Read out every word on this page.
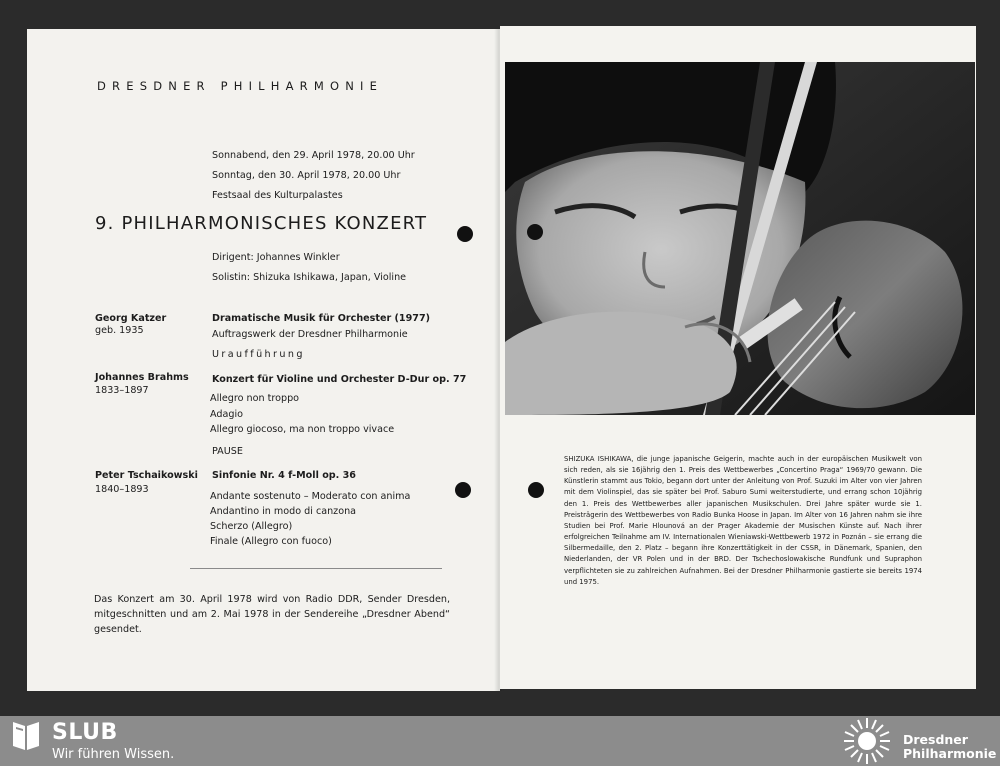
DRESDNER PHILHARMONIE
Sonnabend, den 29. April 1978, 20.00 Uhr
Sonntag, den 30. April 1978, 20.00 Uhr
Festsaal des Kulturpalastes
9. PHILHARMONISCHES KONZERT
Dirigent: Johannes Winkler
Solistin: Shizuka Ishikawa, Japan, Violine
Georg Katzer
geb. 1935
Dramatische Musik für Orchester (1977)
Auftragswerk der Dresdner Philharmonie
Uraufführung
Johannes Brahms
1833–1897
Konzert für Violine und Orchester D-Dur op. 77
Allegro non troppo
Adagio
Allegro giocoso, ma non troppo vivace
PAUSE
Peter Tschaikowski
1840–1893
Sinfonie Nr. 4 f-Moll op. 36
Andante sostenuto – Moderato con anima
Andantino in modo di canzona
Scherzo (Allegro)
Finale (Allegro con fuoco)
Das Konzert am 30. April 1978 wird von Radio DDR, Sender Dresden, mitgeschnitten und am 2. Mai 1978 in der Sendereihe „Dresdner Abend“ gesendet.
SHIZUKA ISHIKAWA, die junge japanische Geigerin, machte auch in der europäischen Musikwelt von sich reden, als sie 16jährig den 1. Preis des Wettbewerbes „Concertino Praga“ 1969/70 gewann. Die Künstlerin stammt aus Tokio, begann dort unter der Anleitung von Prof. Suzuki im Alter von vier Jahren mit dem Violinspiel, das sie später bei Prof. Saburo Sumi weiterstudierte, und errang schon 10jährig den 1. Preis des Wettbewerbes aller japanischen Musikschulen. Drei Jahre später wurde sie 1. Preisträgerin des Wettbewerbes von Radio Bunka Hoose in Japan. Im Alter von 16 Jahren nahm sie ihre Studien bei Prof. Marie Hlounová an der Prager Akademie der Musischen Künste auf. Nach ihrer erfolgreichen Teilnahme am IV. Internationalen Wieniawski-Wettbewerb 1972 in Poznán – sie errang die Silbermedaille, den 2. Platz – begann ihre Konzerttätigkeit in der CSSR, in Dänemark, Spanien, den Niederlanden, der VR Polen und in der BRD. Der Tschechoslowakische Rundfunk und Supraphon verpflichteten sie zu zahlreichen Aufnahmen. Bei der Dresdner Philharmonie gastierte sie bereits 1974 und 1975.
SLUB
Wir führen Wissen.
Dresdner
Philharmonie
